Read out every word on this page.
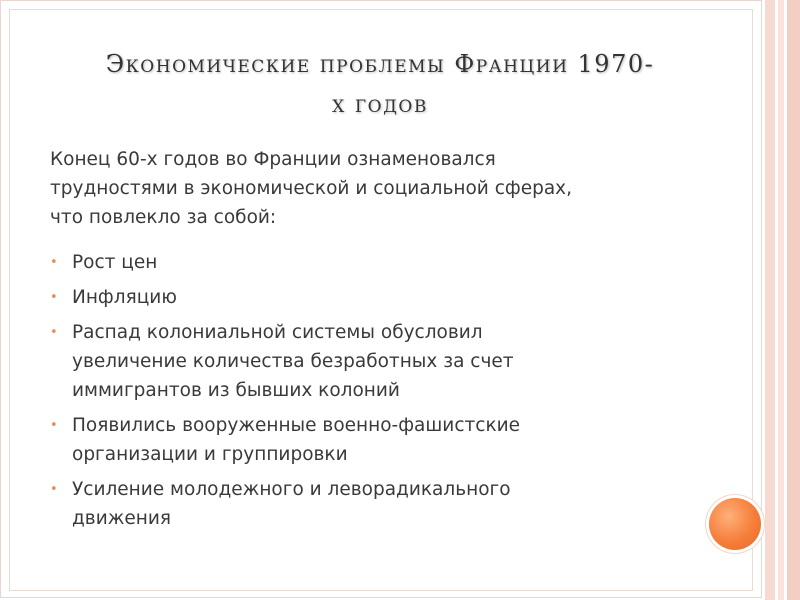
Экономические проблемы Франции 1970-
х годов
Конец 60-х годов во Франции ознаменовался
трудностями в экономической и социальной сферах,
что повлекло за собой:
• Рост цен
• Инфляцию
• Распад колониальной системы обусловил
увеличение количества безработных за счет
иммигрантов из бывших колоний
• Появились вооруженные военно-фашистские
организации и группировки
• Усиление молодежного и леворадикального
движения
